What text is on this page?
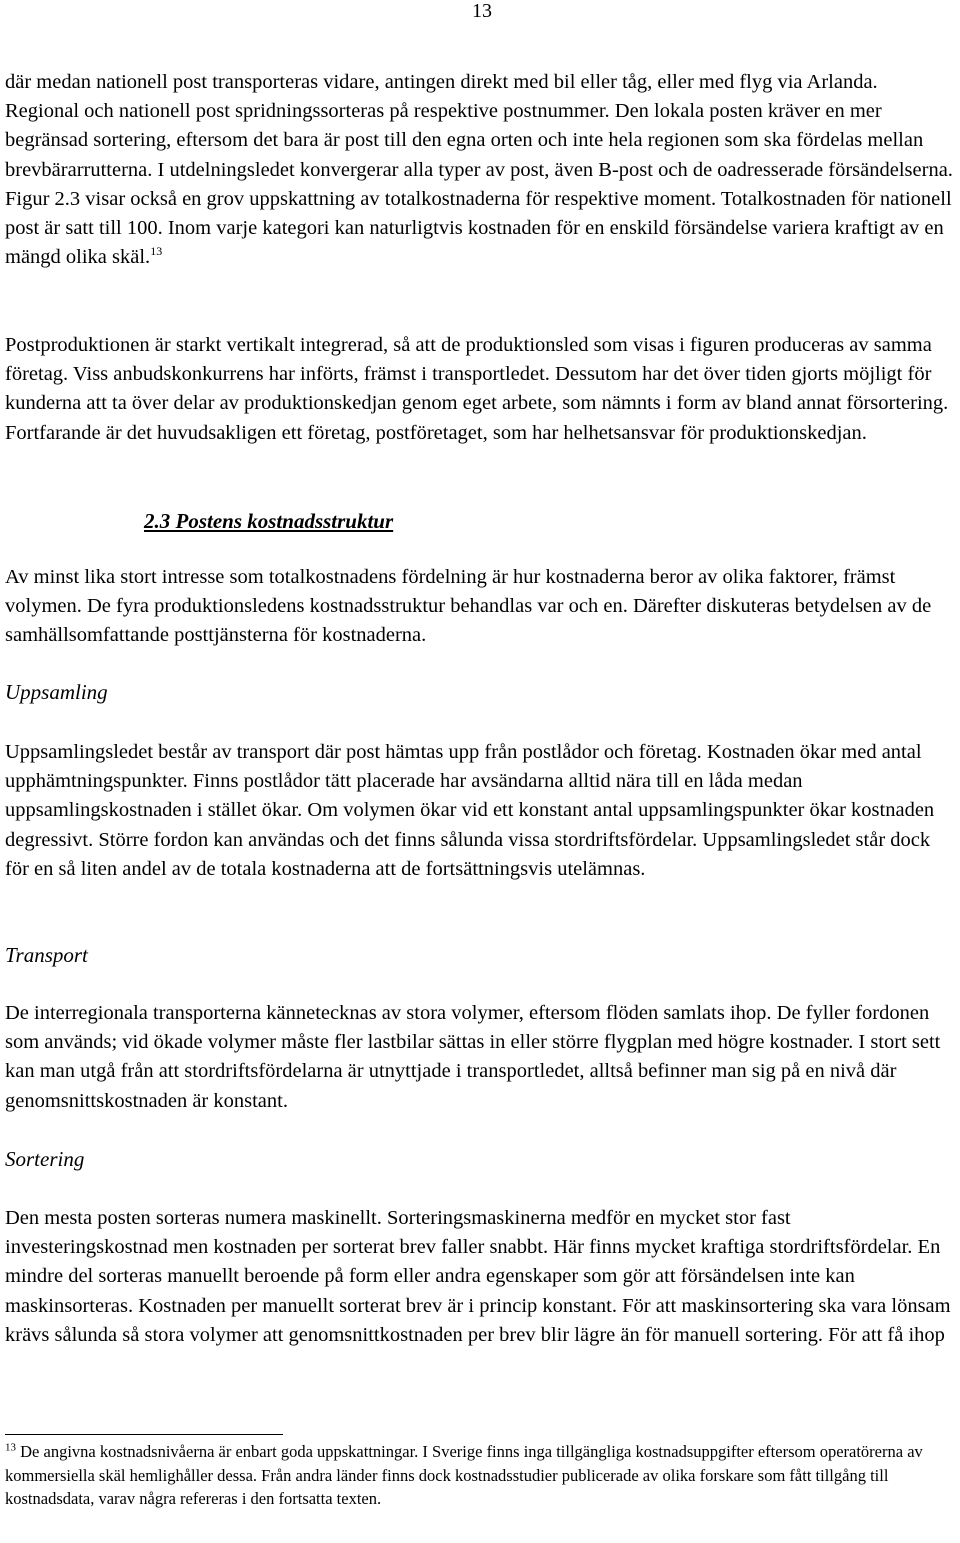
13

där medan nationell post transporteras vidare, antingen direkt med bil eller tåg, eller med flyg via Arlanda. Regional och nationell post spridningssorteras på respektive postnummer. Den lokala posten kräver en mer begränsad sortering, eftersom det bara är post till den egna orten och inte hela regionen som ska fördelas mellan brevbärarrutterna. I utdelningsledet konvergerar alla typer av post, även B-post och de oadresserade försändelserna. Figur 2.3 visar också en grov uppskattning av totalkostnaderna för respektive moment. Totalkostnaden för nationell post är satt till 100. Inom varje kategori kan naturligtvis kostnaden för en enskild försändelse variera kraftigt av en mängd olika skäl.$^{13}$

Postproduktionen är starkt vertikalt integrerad, så att de produktionsled som visas i figuren produceras av samma företag. Viss anbudskonkurrens har införts, främst i transportledet. Dessutom har det över tiden gjorts möjligt för kunderna att ta över delar av produktionskedjan genom eget arbete, som nämnts i form av bland annat försortering. Fortfarande är det huvudsakligen ett företag, postföretaget, som har helhetsansvar för produktionskedjan.

2.3 Postens kostnadsstruktur

Av minst lika stort intresse som totalkostnadens fördelning är hur kostnaderna beror av olika faktorer, främst volymen. De fyra produktionsledens kostnadsstruktur behandlas var och en. Därefter diskuteras betydelsen av de samhällsomfattande posttjänsterna för kostnaderna.

Uppsamling

Uppsamlingsledet består av transport där post hämtas upp från postlådor och företag. Kostnaden ökar med antal upphämtningspunkter. Finns postlådor tätt placerade har avsändarna alltid nära till en låda medan uppsamlingskostnaden i stället ökar. Om volymen ökar vid ett konstant antal uppsamlingspunkter ökar kostnaden degressivt. Större fordon kan användas och det finns sålunda vissa stordriftsfördelar. Uppsamlingsledet står dock för en så liten andel av de totala kostnaderna att de fortsättningsvis utelämnas.

Transport

De interregionala transporterna kännetecknas av stora volymer, eftersom flöden samlats ihop. De fyller fordonen som används; vid ökade volymer måste fler lastbilar sättas in eller större flygplan med högre kostnader. I stort sett kan man utgå från att stordriftsfördelarna är utnyttjade i transportledet, alltså befinner man sig på en nivå där genomsnittskostnaden är konstant.

Sortering

Den mesta posten sorteras numera maskinellt. Sorteringsmaskinerna medför en mycket stor fast investeringskostnad men kostnaden per sorterat brev faller snabbt. Här finns mycket kraftiga stordriftsfördelar. En mindre del sorteras manuellt beroende på form eller andra egenskaper som gör att försändelsen inte kan maskinsorteras. Kostnaden per manuellt sorterat brev är i princip konstant. För att maskinsortering ska vara lönsam krävs sålunda så stora volymer att genomsnittkostnaden per brev blir lägre än för manuell sortering. För att få ihop

$^{13}$ De angivna kostnadsnivåerna är enbart goda uppskattningar. I Sverige finns inga tillgängliga kostnadsuppgifter eftersom operatörerna av kommersiella skäl hemlighåller dessa. Från andra länder finns dock kostnadsstudier publicerade av olika forskare som fått tillgång till kostnadsdata, varav några refereras i den fortsatta texten.
